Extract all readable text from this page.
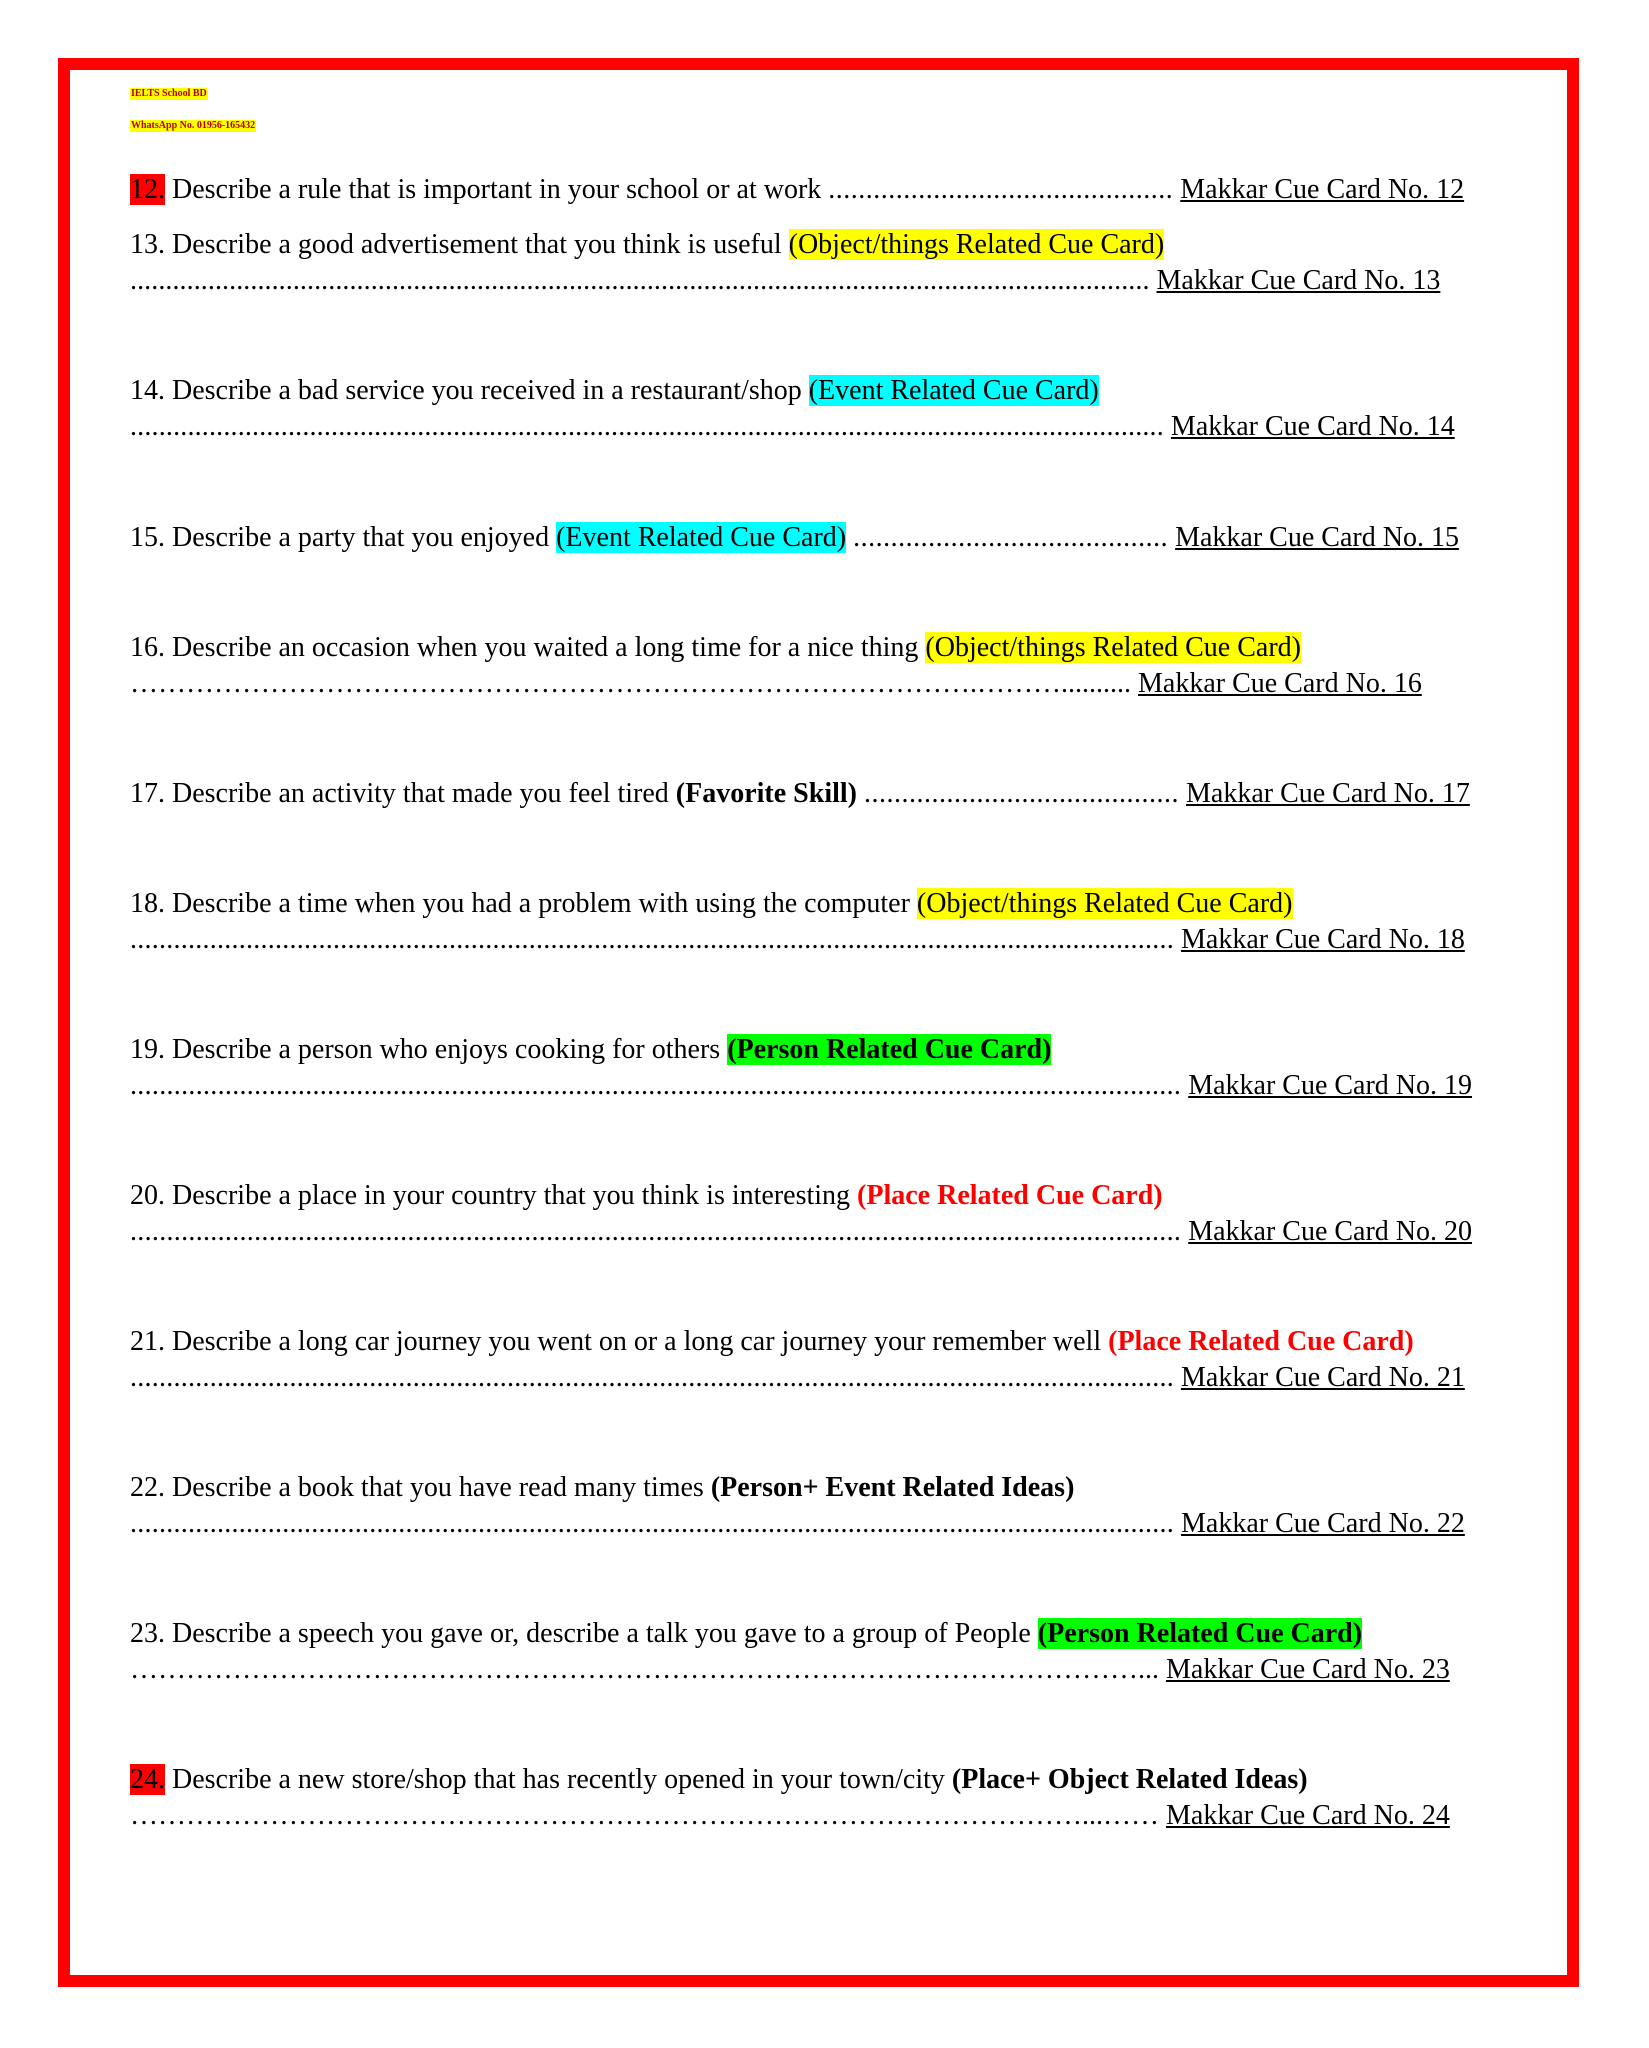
IELTS School BD
WhatsApp No. 01956-165432
12. Describe a rule that is important in your school or at work .............................................. Makkar Cue Card No. 12
13. Describe a good advertisement that you think is useful (Object/things Related Cue Card)
................................................................................................................................................ Makkar Cue Card No. 13
14. Describe a bad service you received in a restaurant/shop (Event Related Cue Card)
................................................................................................................................................ Makkar Cue Card No. 14
15. Describe a party that you enjoyed (Event Related Cue Card) .......................................... Makkar Cue Card No. 15
16. Describe an occasion when you waited a long time for a nice thing (Object/things Related Cue Card)
……………………………………………………………………………….……….......... Makkar Cue Card No. 16
17. Describe an activity that made you feel tired (Favorite Skill) .......................................... Makkar Cue Card No. 17
18. Describe a time when you had a problem with using the computer (Object/things Related Cue Card)
................................................................................................................................................ Makkar Cue Card No. 18
19. Describe a person who enjoys cooking for others (Person Related Cue Card)
................................................................................................................................................ Makkar Cue Card No. 19
20. Describe a place in your country that you think is interesting (Place Related Cue Card)
................................................................................................................................................ Makkar Cue Card No. 20
21. Describe a long car journey you went on or a long car journey your remember well (Place Related Cue Card)
................................................................................................................................................ Makkar Cue Card No. 21
22. Describe a book that you have read many times (Person+ Event Related Ideas)
................................................................................................................................................ Makkar Cue Card No. 22
23. Describe a speech you gave or, describe a talk you gave to a group of People (Person Related Cue Card)
………………………………………………………………………………………………... Makkar Cue Card No. 23
24. Describe a new store/shop that has recently opened in your town/city (Place+ Object Related Ideas)
…………………………………………………………………………………………...…… Makkar Cue Card No. 24
